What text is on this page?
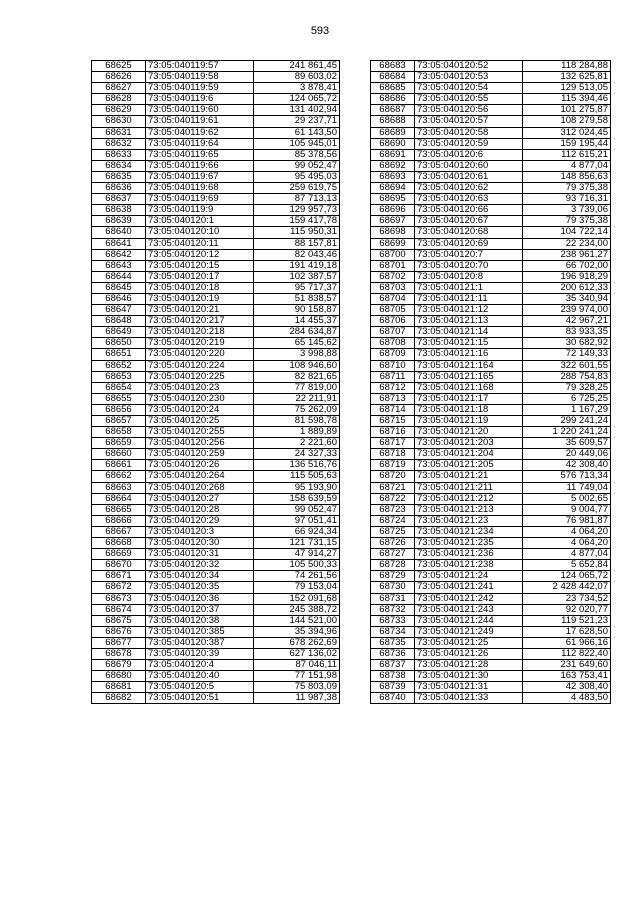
593
68625	73:05:040119:57	241 861,45
68626	73:05:040119:58	89 603,02
68627	73:05:040119:59	3 878,41
68628	73:05:040119:6	124 065,72
68629	73:05:040119:60	131 402,94
68630	73:05:040119:61	29 237,71
68631	73:05:040119:62	61 143,50
68632	73:05:040119:64	105 945,01
68633	73:05:040119:65	85 378,56
68634	73:05:040119:66	99 052,47
68635	73:05:040119:67	95 495,03
68636	73:05:040119:68	259 619,75
68637	73:05:040119:69	87 713,13
68638	73:05:040119:9	129 957,73
68639	73:05:040120:1	159 417,78
68640	73:05:040120:10	115 950,31
68641	73:05:040120:11	88 157,81
68642	73:05:040120:12	82 043,46
68643	73:05:040120:15	191 419,18
68644	73:05:040120:17	102 387,57
68645	73:05:040120:18	95 717,37
68646	73:05:040120:19	51 838,57
68647	73:05:040120:21	90 158,87
68648	73:05:040120:217	14 455,37
68649	73:05:040120:218	284 634,87
68650	73:05:040120:219	65 145,62
68651	73:05:040120:220	3 998,88
68652	73:05:040120:224	108 946,60
68653	73:05:040120:225	82 821,65
68654	73:05:040120:23	77 819,00
68655	73:05:040120:230	22 211,91
68656	73:05:040120:24	75 262,09
68657	73:05:040120:25	81 598,78
68658	73:05:040120:255	1 889,89
68659	73:05:040120:256	2 221,60
68660	73:05:040120:259	24 327,33
68661	73:05:040120:26	136 516,76
68662	73:05:040120:264	115 505,63
68663	73:05:040120:268	95 193,90
68664	73:05:040120:27	158 639,59
68665	73:05:040120:28	99 052,47
68666	73:05:040120:29	97 051,41
68667	73:05:040120:3	66 924,34
68668	73:05:040120:30	121 731,15
68669	73:05:040120:31	47 914,27
68670	73:05:040120:32	105 500,33
68671	73:05:040120:34	74 261,56
68672	73:05:040120:35	79 153,04
68673	73:05:040120:36	152 091,68
68674	73:05:040120:37	245 388,72
68675	73:05:040120:38	144 521,00
68676	73:05:040120:385	35 394,96
68677	73:05:040120:387	678 262,69
68678	73:05:040120:39	627 136,02
68679	73:05:040120:4	87 046,11
68680	73:05:040120:40	77 151,98
68681	73:05:040120:5	75 803,09
68682	73:05:040120:51	11 987,38
68683	73:05:040120:52	118 284,88
68684	73:05:040120:53	132 625,81
68685	73:05:040120:54	129 513,05
68686	73:05:040120:55	115 394,46
68687	73:05:040120:56	101 275,87
68688	73:05:040120:57	108 279,58
68689	73:05:040120:58	312 024,45
68690	73:05:040120:59	159 195,44
68691	73:05:040120:6	112 615,21
68692	73:05:040120:60	4 877,04
68693	73:05:040120:61	148 856,63
68694	73:05:040120:62	79 375,38
68695	73:05:040120:63	93 716,31
68696	73:05:040120:66	3 739,06
68697	73:05:040120:67	79 375,38
68698	73:05:040120:68	104 722,14
68699	73:05:040120:69	22 234,00
68700	73:05:040120:7	238 961,27
68701	73:05:040120:70	66 702,00
68702	73:05:040120:8	196 918,29
68703	73:05:040121:1	200 612,33
68704	73:05:040121:11	35 340,94
68705	73:05:040121:12	239 974,00
68706	73:05:040121:13	42 967,21
68707	73:05:040121:14	83 933,35
68708	73:05:040121:15	30 682,92
68709	73:05:040121:16	72 149,33
68710	73:05:040121:164	322 601,55
68711	73:05:040121:165	288 754,83
68712	73:05:040121:168	79 328,25
68713	73:05:040121:17	6 725,25
68714	73:05:040121:18	1 167,29
68715	73:05:040121:19	299 241,24
68716	73:05:040121:20	1 220 241,24
68717	73:05:040121:203	35 609,57
68718	73:05:040121:204	20 449,06
68719	73:05:040121:205	42 308,40
68720	73:05:040121:21	576 713,34
68721	73:05:040121:211	11 749,04
68722	73:05:040121:212	5 002,65
68723	73:05:040121:213	9 004,77
68724	73:05:040121:23	76 981,87
68725	73:05:040121:234	4 064,20
68726	73:05:040121:235	4 064,20
68727	73:05:040121:236	4 877,04
68728	73:05:040121:238	5 652,84
68729	73:05:040121:24	124 065,72
68730	73:05:040121:241	2 428 442,07
68731	73:05:040121:242	23 734,52
68732	73:05:040121:243	92 020,77
68733	73:05:040121:244	119 521,23
68734	73:05:040121:249	17 628,50
68735	73:05:040121:25	61 966,16
68736	73:05:040121:26	112 822,40
68737	73:05:040121:28	231 649,60
68738	73:05:040121:30	163 753,41
68739	73:05:040121:31	42 308,40
68740	73:05:040121:33	4 483,50
